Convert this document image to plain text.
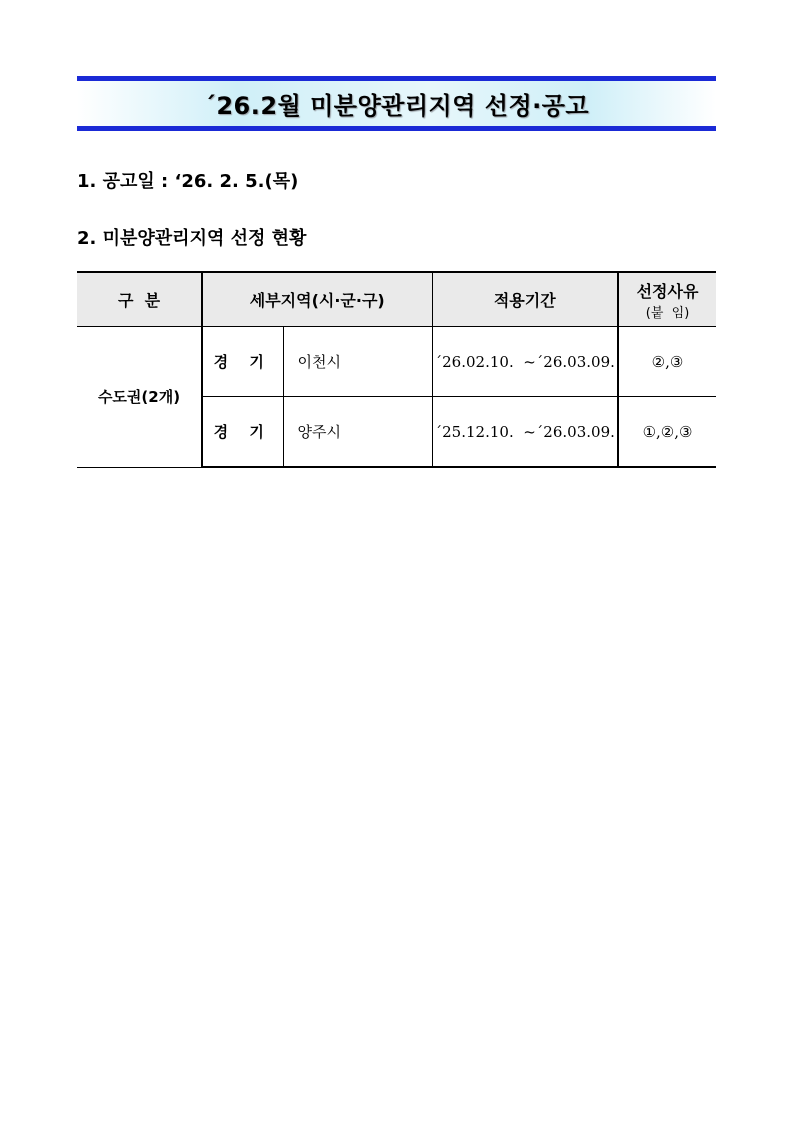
´26.2월 미분양관리지역 선정·공고
1. 공고일 : ‘26. 2. 5.(목)
2. 미분양관리지역 선정 현황
구  분	세부지역(시·군·구)		적용기간	선정사유
(붙  임)

수도권(2개)	경 기	이천시	´26.02.10.  ~´26.03.09.	②,③
	경 기	양주시	´25.12.10.  ~´26.03.09.	①,②,③
